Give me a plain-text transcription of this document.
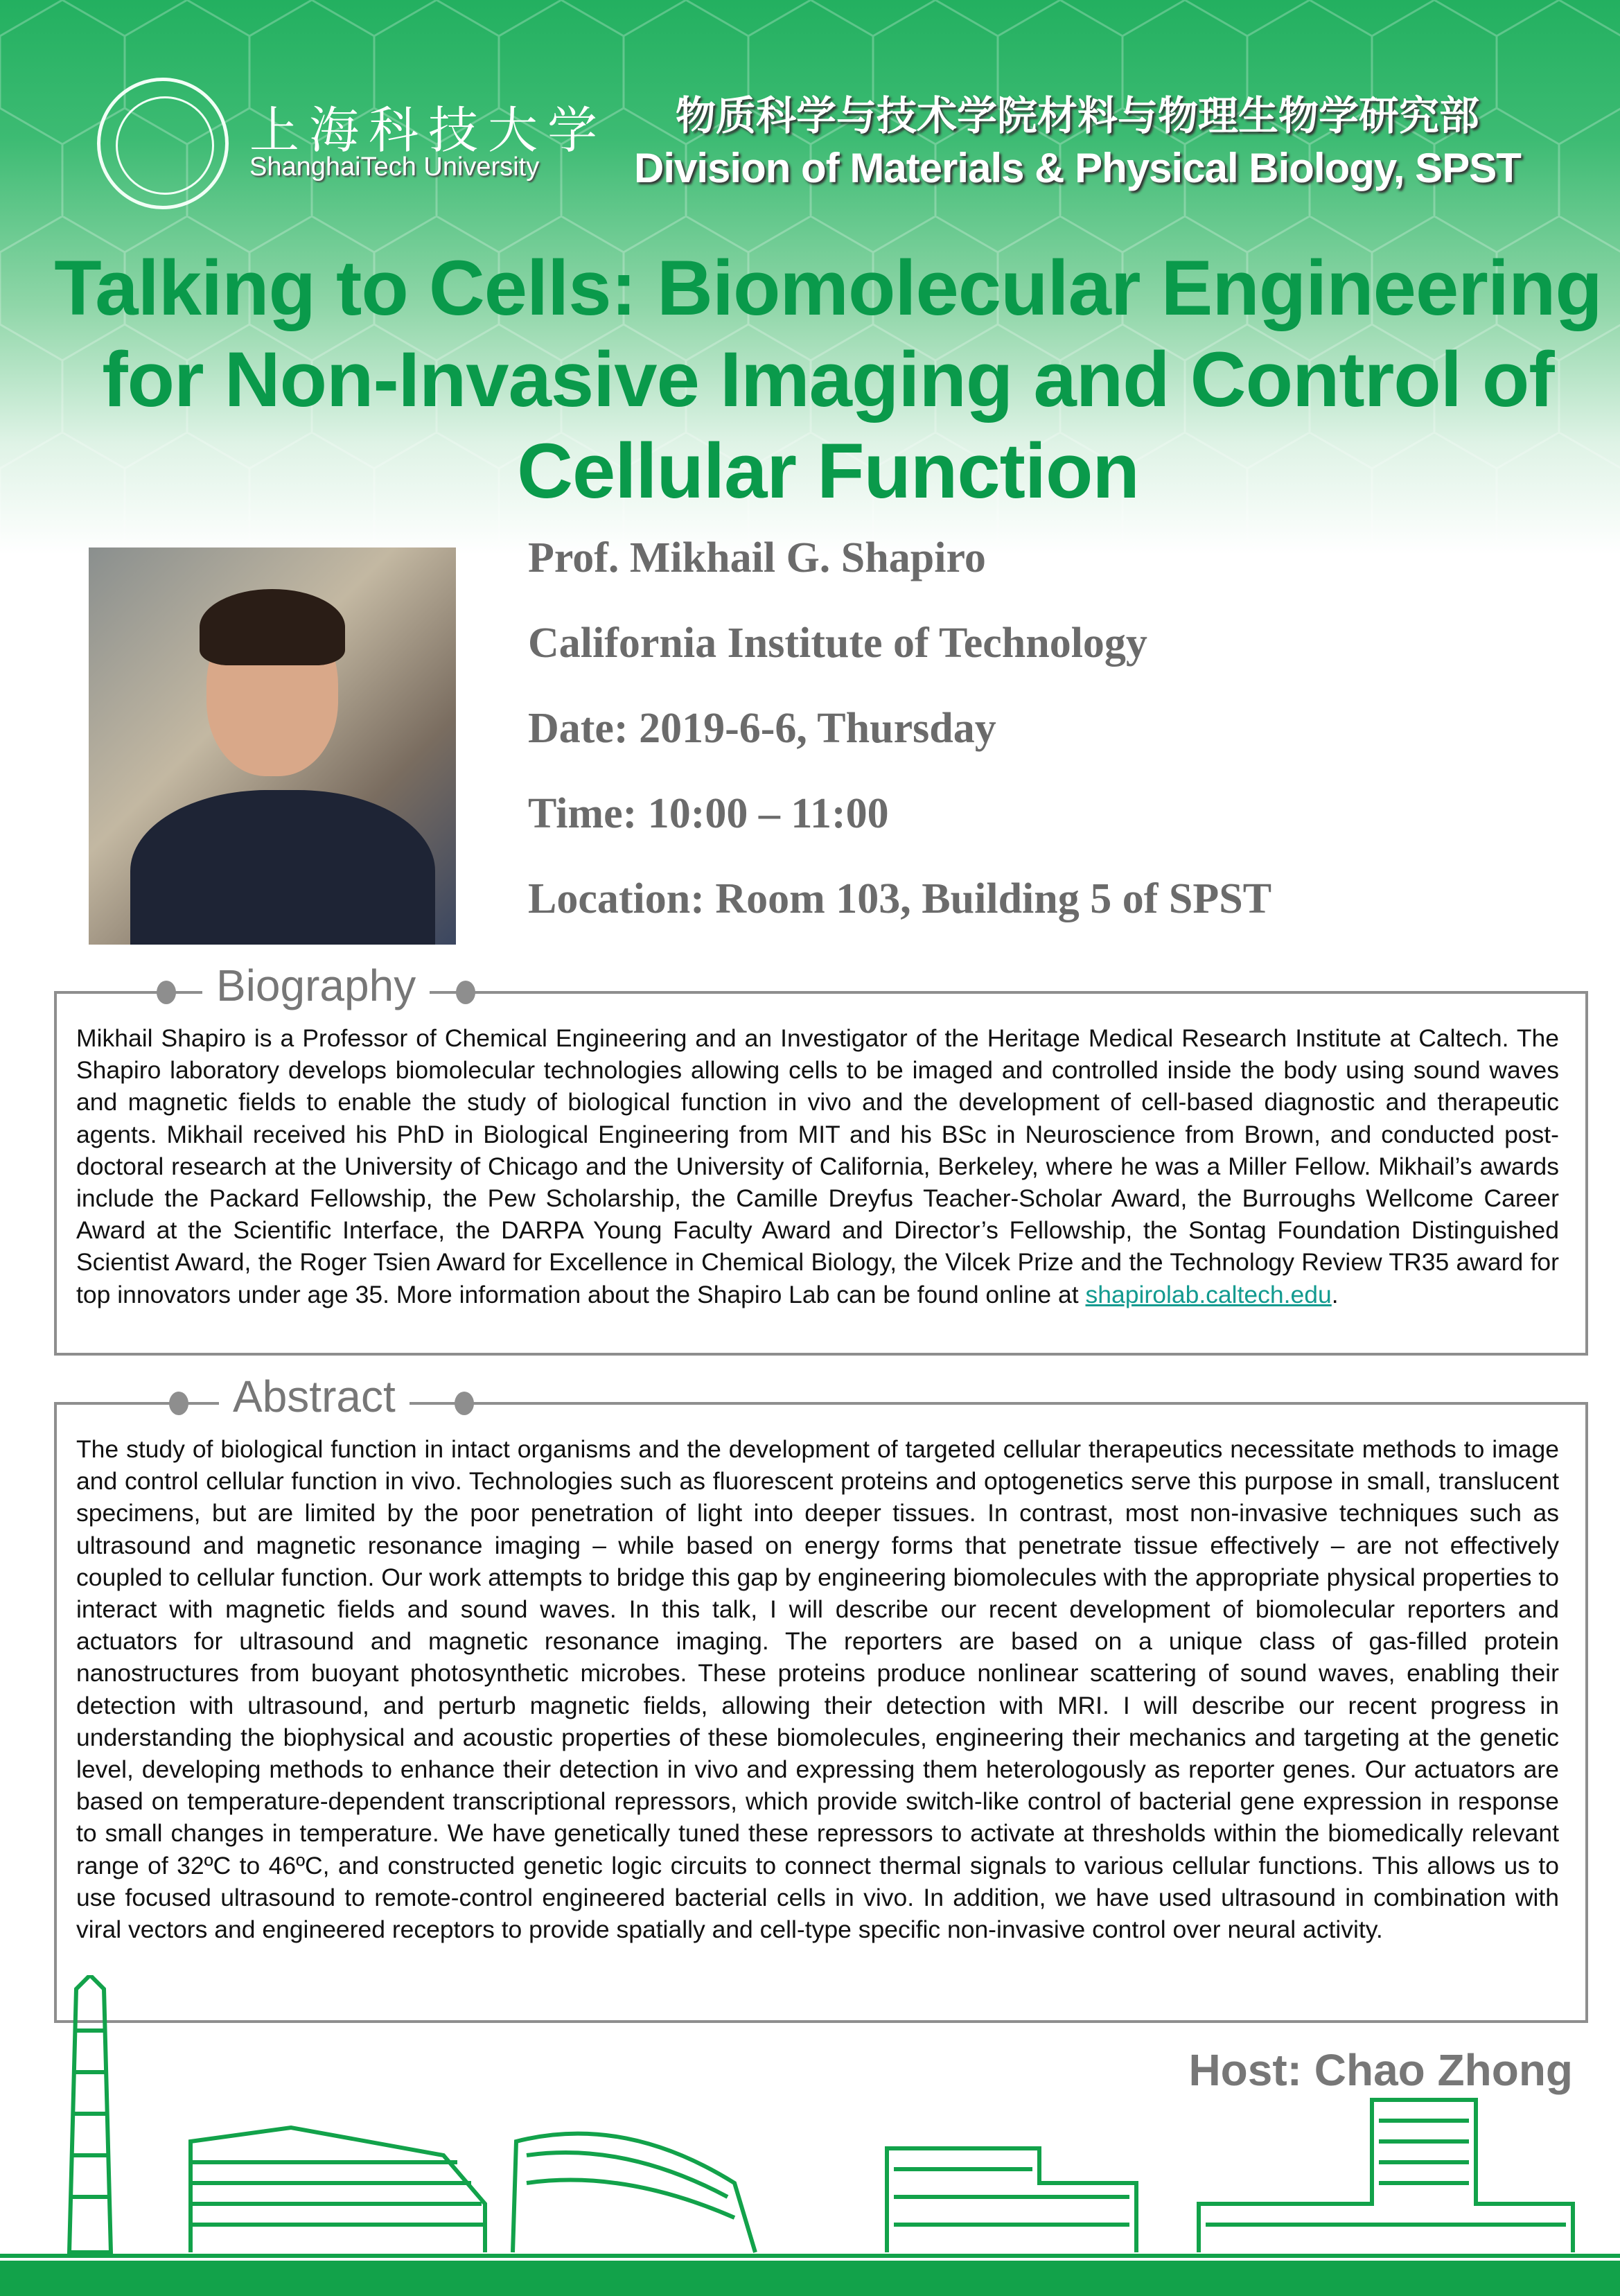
上海科技大学
ShanghaiTech University
物质科学与技术学院材料与物理生物学研究部
Division of Materials & Physical Biology, SPST
Talking to Cells: Biomolecular Engineering
for Non-Invasive Imaging and Control of
Cellular Function
Prof. Mikhail G. Shapiro
California Institute of Technology
Date: 2019-6-6, Thursday
Time: 10:00 – 11:00
Location: Room 103, Building 5 of SPST
Biography
Mikhail Shapiro is a Professor of Chemical Engineering and an Investigator of the Heritage Medical Research Institute at Caltech. The Shapiro laboratory develops biomolecular technologies allowing cells to be imaged and controlled inside the body using sound waves and magnetic fields to enable the study of biological function in vivo and the development of cell-based diagnostic and therapeutic agents. Mikhail received his PhD in Biological Engineering from MIT and his BSc in Neuroscience from Brown, and conducted post-doctoral research at the University of Chicago and the University of California, Berkeley, where he was a Miller Fellow. Mikhail’s awards include the Packard Fellowship, the Pew Scholarship, the Camille Dreyfus Teacher-Scholar Award, the Burroughs Wellcome Career Award at the Scientific Interface, the DARPA Young Faculty Award and Director’s Fellowship, the Sontag Foundation Distinguished Scientist Award, the Roger Tsien Award for Excellence in Chemical Biology, the Vilcek Prize and the Technology Review TR35 award for top innovators under age 35. More information about the Shapiro Lab can be found online at shapirolab.caltech.edu.
Abstract
The study of biological function in intact organisms and the development of targeted cellular therapeutics necessitate methods to image and control cellular function in vivo. Technologies such as fluorescent proteins and optogenetics serve this purpose in small, translucent specimens, but are limited by the poor penetration of light into deeper tissues. In contrast, most non-invasive techniques such as ultrasound and magnetic resonance imaging – while based on energy forms that penetrate tissue effectively – are not effectively coupled to cellular function. Our work attempts to bridge this gap by engineering biomolecules with the appropriate physical properties to interact with magnetic fields and sound waves. In this talk, I will describe our recent development of biomolecular reporters and actuators for ultrasound and magnetic resonance imaging. The reporters are based on a unique class of gas-filled protein nanostructures from buoyant photosynthetic microbes. These proteins produce nonlinear scattering of sound waves, enabling their detection with ultrasound, and perturb magnetic fields, allowing their detection with MRI. I will describe our recent progress in understanding the biophysical and acoustic properties of these biomolecules, engineering their mechanics and targeting at the genetic level, developing methods to enhance their detection in vivo and expressing them heterologously as reporter genes. Our actuators are based on temperature-dependent transcriptional repressors, which provide switch-like control of bacterial gene expression in response to small changes in temperature. We have genetically tuned these repressors to activate at thresholds within the biomedically relevant range of 32ºC to 46ºC, and constructed genetic logic circuits to connect thermal signals to various cellular functions. This allows us to use focused ultrasound to remote-control engineered bacterial cells in vivo. In addition, we have used ultrasound in combination with viral vectors and engineered receptors to provide spatially and cell-type specific non-invasive control over neural activity.
Host: Chao Zhong
